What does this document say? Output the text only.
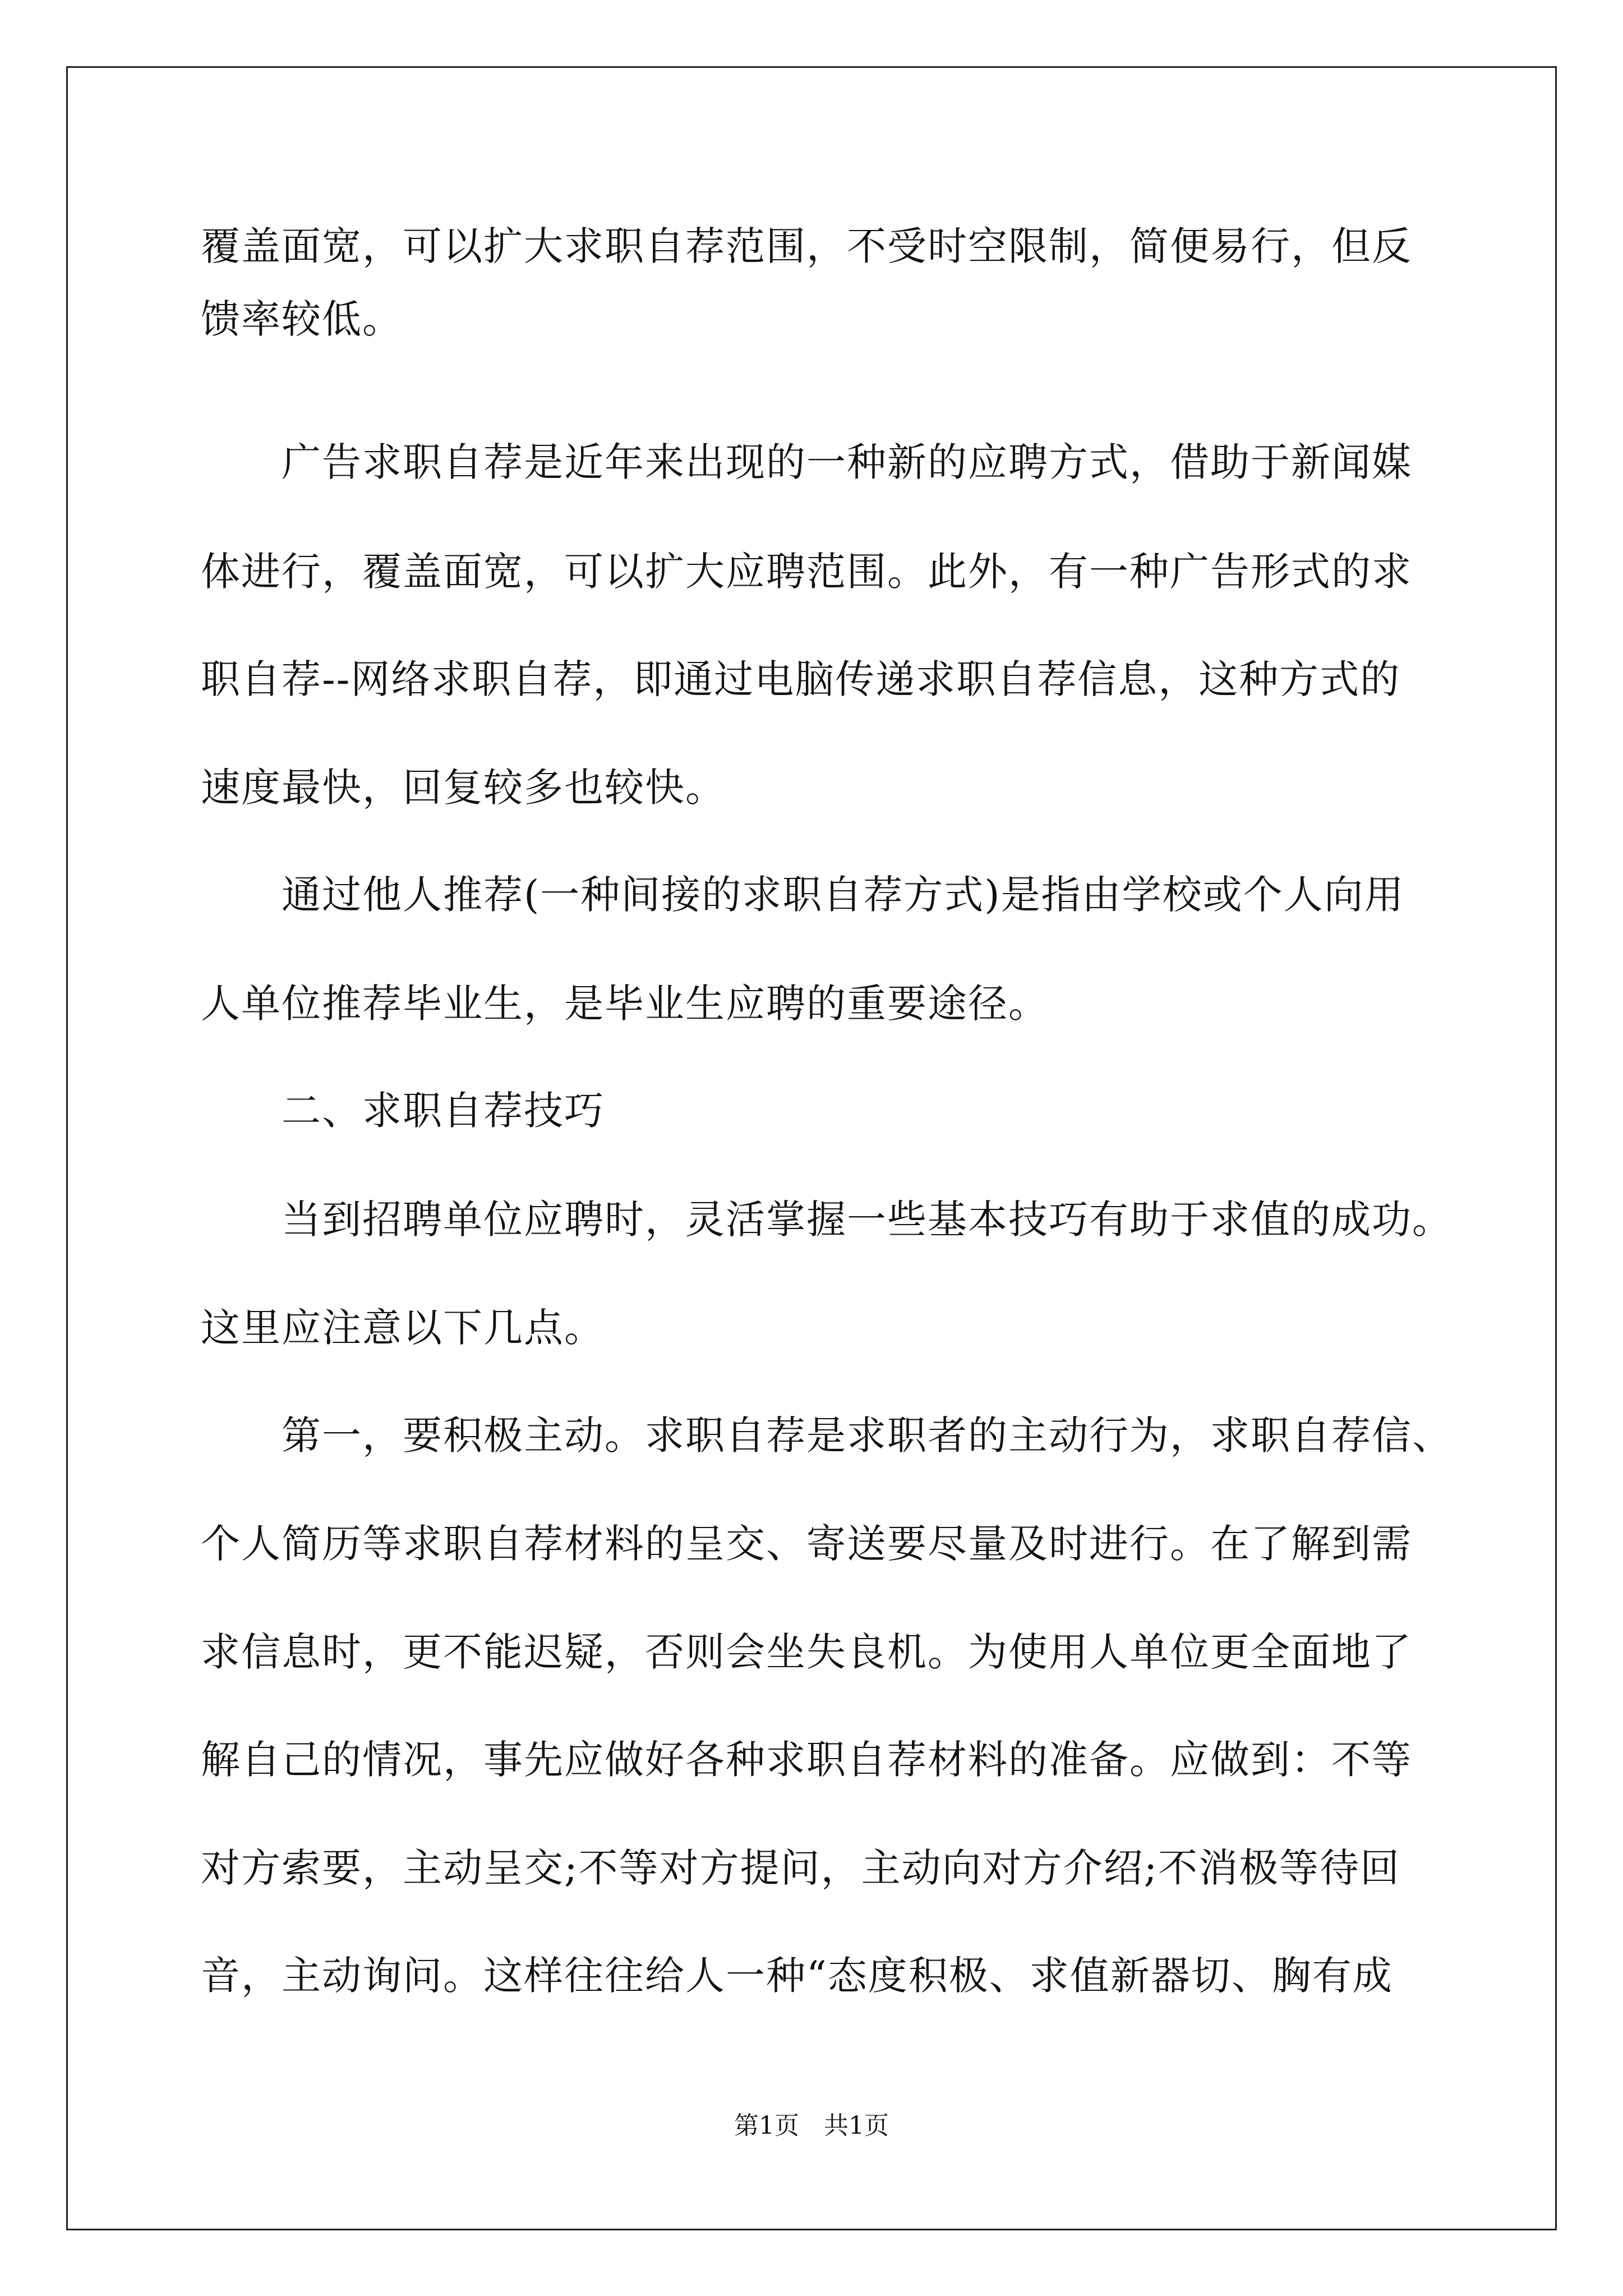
覆盖面宽，可以扩大求职自荐范围，不受时空限制，简便易行，但反
馈率较低。
　　广告求职自荐是近年来出现的一种新的应聘方式，借助于新闻媒
体进行，覆盖面宽，可以扩大应聘范围。此外，有一种广告形式的求
职自荐--网络求职自荐，即通过电脑传递求职自荐信息，这种方式的
速度最快，回复较多也较快。
　　通过他人推荐(一种间接的求职自荐方式)是指由学校或个人向用
人单位推荐毕业生，是毕业生应聘的重要途径。
　　二、求职自荐技巧
　　当到招聘单位应聘时，灵活掌握一些基本技巧有助于求值的成功。
这里应注意以下几点。
　　第一，要积极主动。求职自荐是求职者的主动行为，求职自荐信、
个人简历等求职自荐材料的呈交、寄送要尽量及时进行。在了解到需
求信息时，更不能迟疑，否则会坐失良机。为使用人单位更全面地了
解自己的情况，事先应做好各种求职自荐材料的准备。应做到：不等
对方索要，主动呈交;不等对方提问，主动向对方介绍;不消极等待回
音，主动询问。这样往往给人一种“态度积极、求值新器切、胸有成
第1页 共1页
